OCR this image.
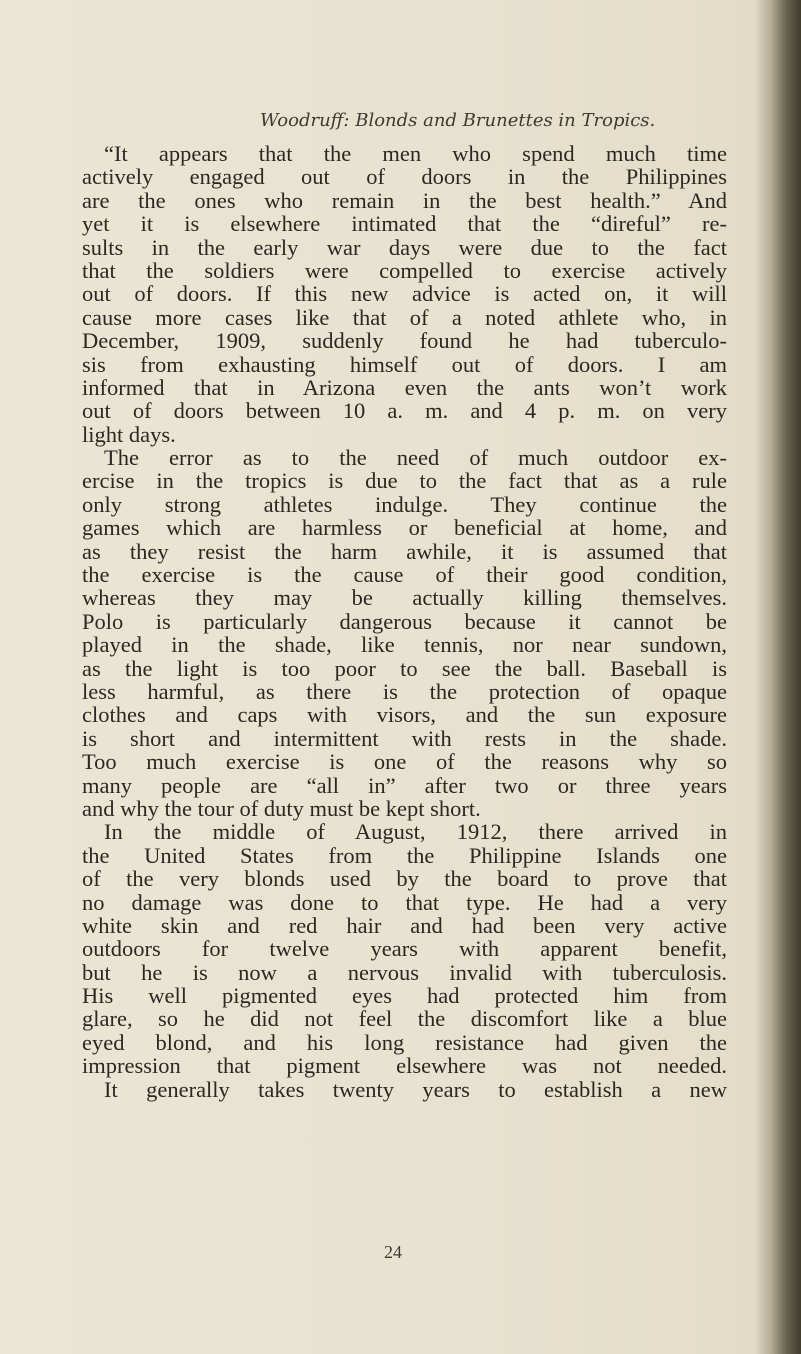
Woodruff: Blonds and Brunettes in Tropics.
“It appears that the men who spend much time
actively engaged out of doors in the Philippines
are the ones who remain in the best health.” And
yet it is elsewhere intimated that the “direful” re-
sults in the early war days were due to the fact
that the soldiers were compelled to exercise actively
out of doors. If this new advice is acted on, it will
cause more cases like that of a noted athlete who, in
December, 1909, suddenly found he had tuberculo-
sis from exhausting himself out of doors. I am
informed that in Arizona even the ants won’t work
out of doors between 10 a. m. and 4 p. m. on very
light days.
The error as to the need of much outdoor ex-
ercise in the tropics is due to the fact that as a rule
only strong athletes indulge. They continue the
games which are harmless or beneficial at home, and
as they resist the harm awhile, it is assumed that
the exercise is the cause of their good condition,
whereas they may be actually killing themselves.
Polo is particularly dangerous because it cannot be
played in the shade, like tennis, nor near sundown,
as the light is too poor to see the ball. Baseball is
less harmful, as there is the protection of opaque
clothes and caps with visors, and the sun exposure
is short and intermittent with rests in the shade.
Too much exercise is one of the reasons why so
many people are “all in” after two or three years
and why the tour of duty must be kept short.
In the middle of August, 1912, there arrived in
the United States from the Philippine Islands one
of the very blonds used by the board to prove that
no damage was done to that type. He had a very
white skin and red hair and had been very active
outdoors for twelve years with apparent benefit,
but he is now a nervous invalid with tuberculosis.
His well pigmented eyes had protected him from
glare, so he did not feel the discomfort like a blue
eyed blond, and his long resistance had given the
impression that pigment elsewhere was not needed.
It generally takes twenty years to establish a new
24
